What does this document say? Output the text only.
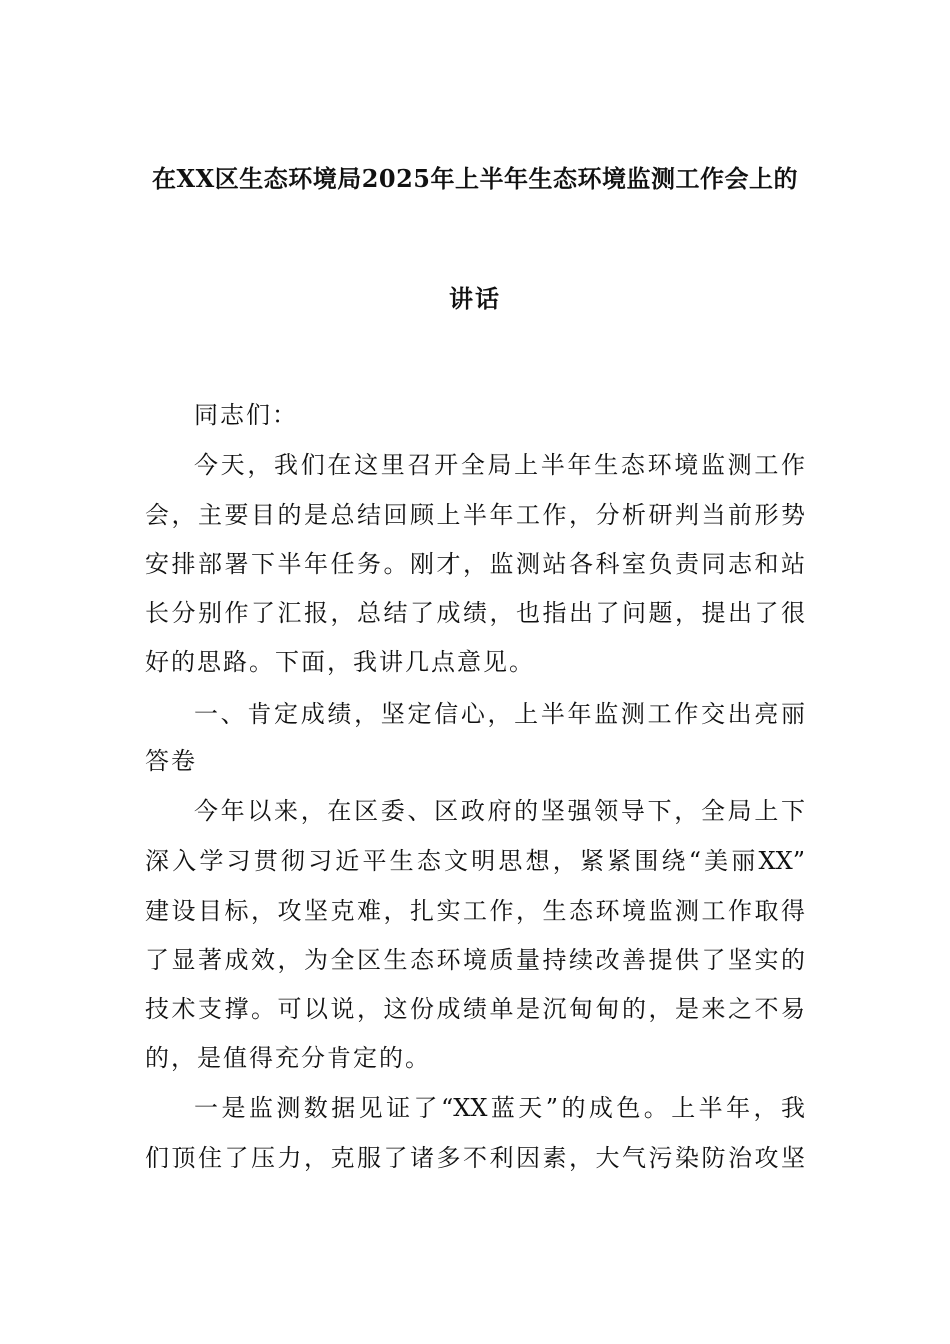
在XX区生态环境局2025年上半年生态环境监测工作会上的
讲话
同志们：
今天，我们在这里召开全局上半年生态环境监测工作
会，主要目的是总结回顾上半年工作，分析研判当前形势
安排部署下半年任务。刚才，监测站各科室负责同志和站
长分别作了汇报，总结了成绩，也指出了问题，提出了很
好的思路。下面，我讲几点意见。
一、肯定成绩，坚定信心，上半年监测工作交出亮丽
答卷
今年以来，在区委、区政府的坚强领导下，全局上下
深入学习贯彻习近平生态文明思想，紧紧围绕“美丽XX”
建设目标，攻坚克难，扎实工作，生态环境监测工作取得
了显著成效，为全区生态环境质量持续改善提供了坚实的
技术支撑。可以说，这份成绩单是沉甸甸的，是来之不易
的，是值得充分肯定的。
一是监测数据见证了“XX蓝天”的成色。上半年，我
们顶住了压力，克服了诸多不利因素，大气污染防治攻坚
